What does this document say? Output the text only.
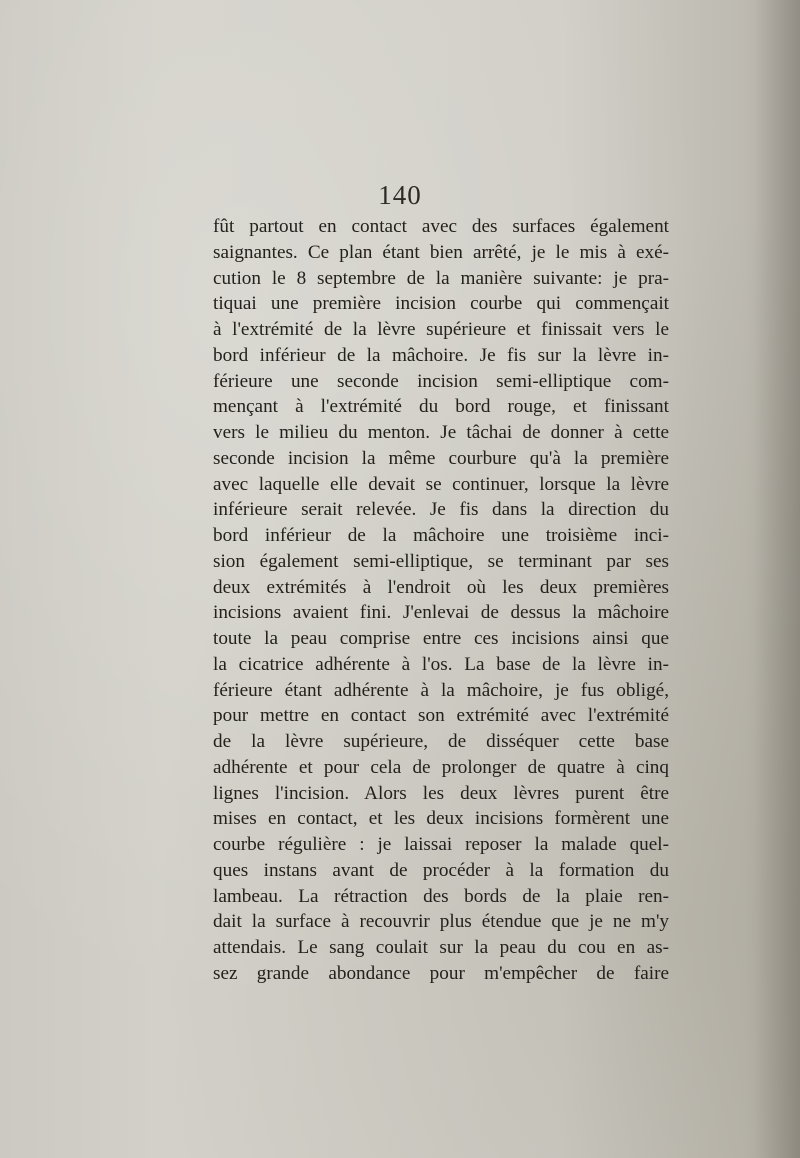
140
fût partout en contact avec des surfaces également
saignantes. Ce plan étant bien arrêté, je le mis à exé-
cution le 8 septembre de la manière suivante: je pra-
tiquai une première incision courbe qui commençait
à l'extrémité de la lèvre supérieure et finissait vers le
bord inférieur de la mâchoire. Je fis sur la lèvre in-
férieure une seconde incision semi-elliptique com-
mençant à l'extrémité du bord rouge, et finissant
vers le milieu du menton. Je tâchai de donner à cette
seconde incision la même courbure qu'à la première
avec laquelle elle devait se continuer, lorsque la lèvre
inférieure serait relevée. Je fis dans la direction du
bord inférieur de la mâchoire une troisième inci-
sion également semi-elliptique, se terminant par ses
deux extrémités à l'endroit où les deux premières
incisions avaient fini. J'enlevai de dessus la mâchoire
toute la peau comprise entre ces incisions ainsi que
la cicatrice adhérente à l'os. La base de la lèvre in-
férieure étant adhérente à la mâchoire, je fus obligé,
pour mettre en contact son extrémité avec l'extrémité
de la lèvre supérieure, de disséquer cette base
adhérente et pour cela de prolonger de quatre à cinq
lignes l'incision. Alors les deux lèvres purent être
mises en contact, et les deux incisions formèrent une
courbe régulière : je laissai reposer la malade quel-
ques instans avant de procéder à la formation du
lambeau. La rétraction des bords de la plaie ren-
dait la surface à recouvrir plus étendue que je ne m'y
attendais. Le sang coulait sur la peau du cou en as-
sez grande abondance pour m'empêcher de faire
